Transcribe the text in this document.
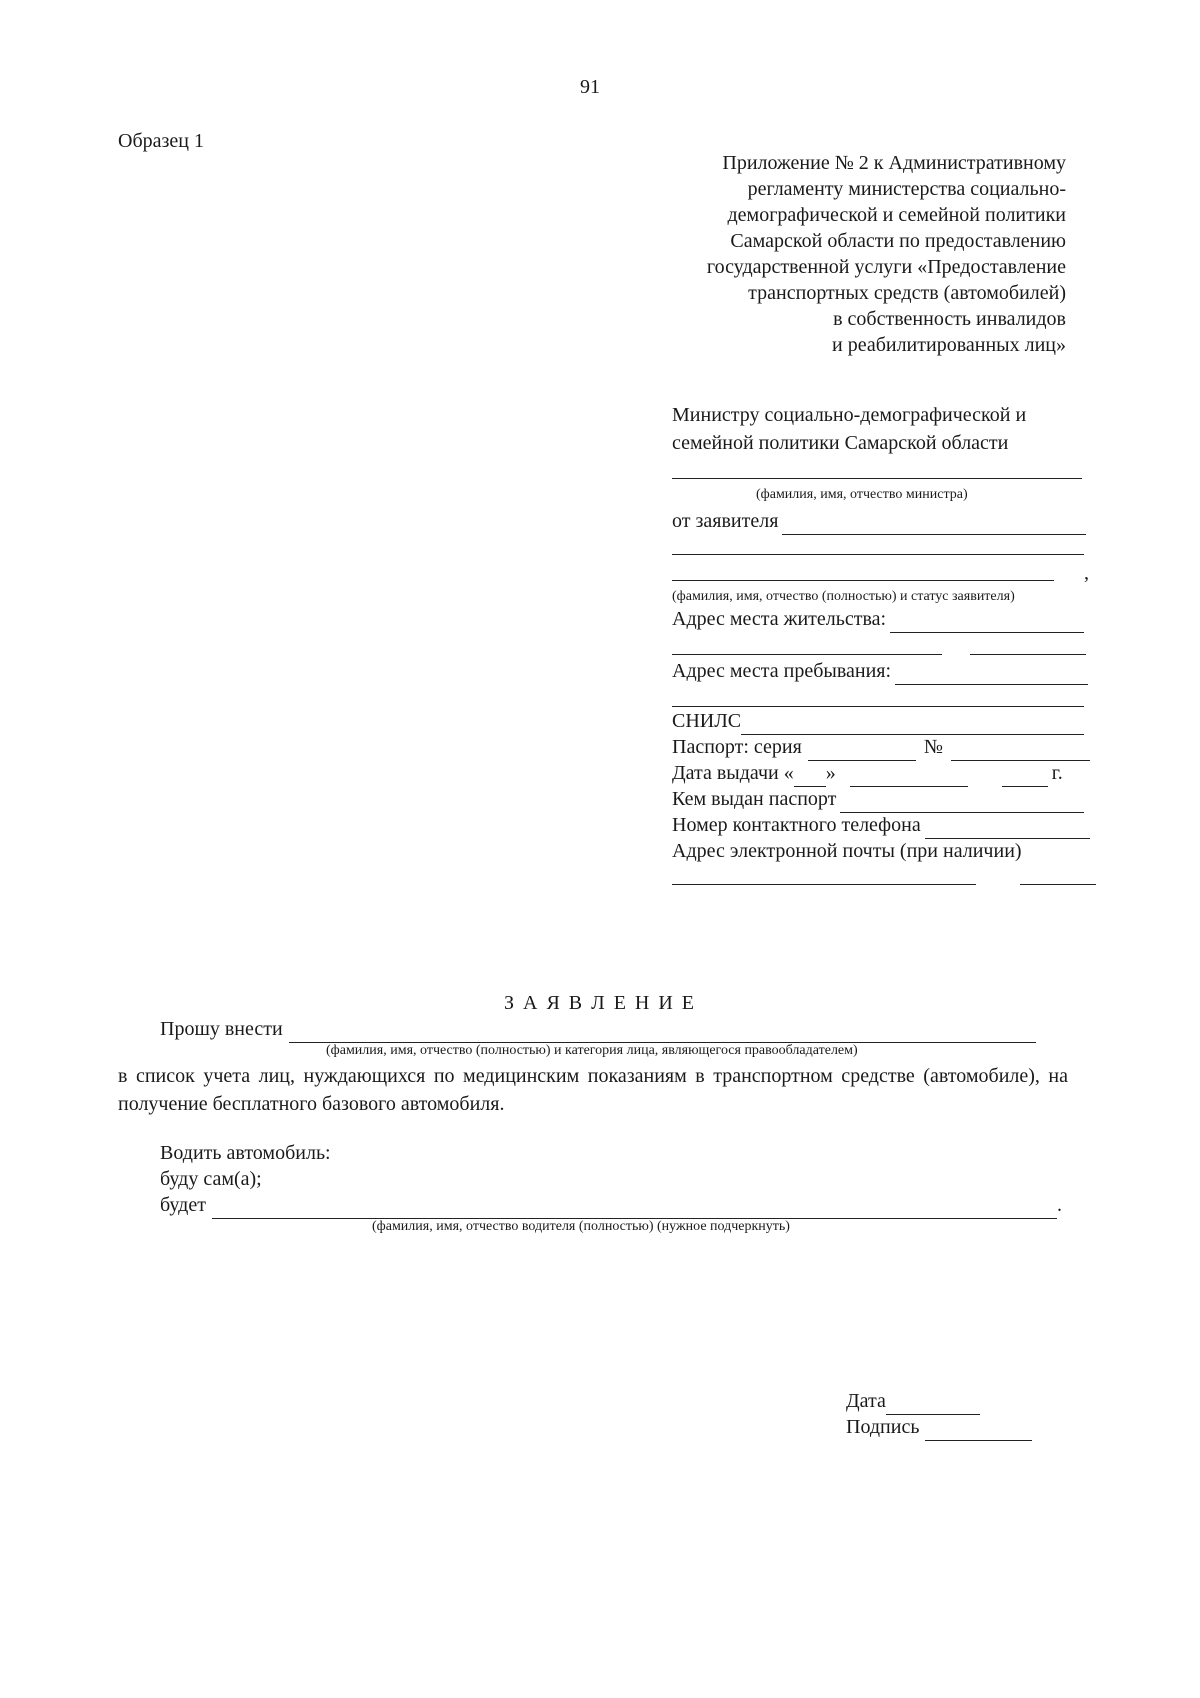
91
Образец 1
Приложение № 2 к Административному
регламенту министерства социально-
демографической и семейной политики
Самарской области по предоставлению
государственной услуги «Предоставление
транспортных средств (автомобилей)
в собственность инвалидов
и реабилитированных лиц»
Министру социально-демографической и
семейной политики Самарской области
(фамилия, имя, отчество министра)
от заявителя
,
(фамилия, имя, отчество (полностью) и статус заявителя)
Адрес места жительства:
Адрес места пребывания:
СНИЛС
Паспорт: серия	№
Дата выдачи « »	г.
Кем выдан паспорт
Номер контактного телефона
Адрес электронной почты (при наличии)
З А Я В Л Е Н И Е
Прошу внести
(фамилия, имя, отчество (полностью) и категория лица, являющегося правообладателем)
в список учета лиц, нуждающихся по медицинским показаниям в транспортном средстве (автомобиле), на получение бесплатного базового автомобиля.
Водить автомобиль:
буду сам(а);
будет	.
(фамилия, имя, отчество водителя (полностью) (нужное подчеркнуть)
Дата
Подпись
